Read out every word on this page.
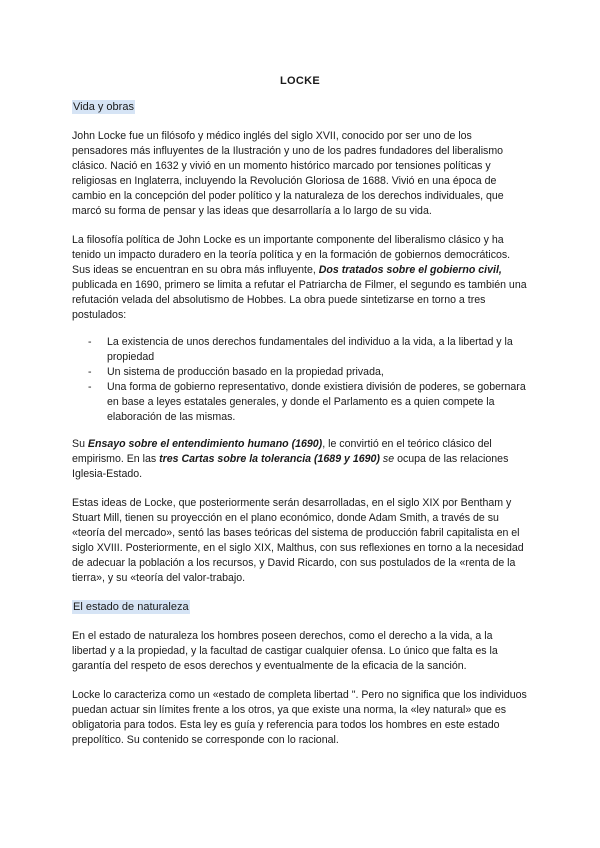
LOCKE
Vida y obras

John Locke fue un filósofo y médico inglés del siglo XVII, conocido por ser uno de los pensadores más influyentes de la Ilustración y uno de los padres fundadores del liberalismo clásico. Nació en 1632 y vivió en un momento histórico marcado por tensiones políticas y religiosas en Inglaterra, incluyendo la Revolución Gloriosa de 1688. Vivió en una época de cambio en la concepción del poder político y la naturaleza de los derechos individuales, que marcó su forma de pensar y las ideas que desarrollaría a lo largo de su vida.

La filosofía política de John Locke es un importante componente del liberalismo clásico y ha tenido un impacto duradero en la teoría política y en la formación de gobiernos democráticos. Sus ideas se encuentran en su obra más influyente, Dos tratados sobre el gobierno civil, publicada en 1690, primero se limita a refutar el Patriarcha de Filmer, el segundo es también una refutación velada del absolutismo de Hobbes. La obra puede sintetizarse en torno a tres postulados:

- La existencia de unos derechos fundamentales del individuo a la vida, a la libertad y la propiedad
- Un sistema de producción basado en la propiedad privada,
- Una forma de gobierno representativo, donde existiera división de poderes, se gobernara en base a leyes estatales generales, y donde el Parlamento es a quien compete la elaboración de las mismas.

Su Ensayo sobre el entendimiento humano (1690), le convirtió en el teórico clásico del empirismo. En las tres Cartas sobre la tolerancia (1689 y 1690) se ocupa de las relaciones Iglesia-Estado.

Estas ideas de Locke, que posteriormente serán desarrolladas, en el siglo XIX por Bentham y Stuart Mill, tienen su proyección en el plano económico, donde Adam Smith, a través de su «teoría del mercado», sentó las bases teóricas del sistema de producción fabril capitalista en el siglo XVIII. Posteriormente, en el siglo XIX, Malthus, con sus reflexiones en torno a la necesidad de adecuar la población a los recursos, y David Ricardo, con sus postulados de la «renta de la tierra», y su «teoría del valor-trabajo.

El estado de naturaleza

En el estado de naturaleza los hombres poseen derechos, como el derecho a la vida, a la libertad y a la propiedad, y la facultad de castigar cualquier ofensa. Lo único que falta es la garantía del respeto de esos derechos y eventualmente de la eficacia de la sanción.

Locke lo caracteriza como un «estado de completa libertad ". Pero no significa que los individuos puedan actuar sin límites frente a los otros, ya que existe una norma, la «ley natural» que es obligatoria para todos. Esta ley es guía y referencia para todos los hombres en este estado prepolítico. Su contenido se corresponde con lo racional.
